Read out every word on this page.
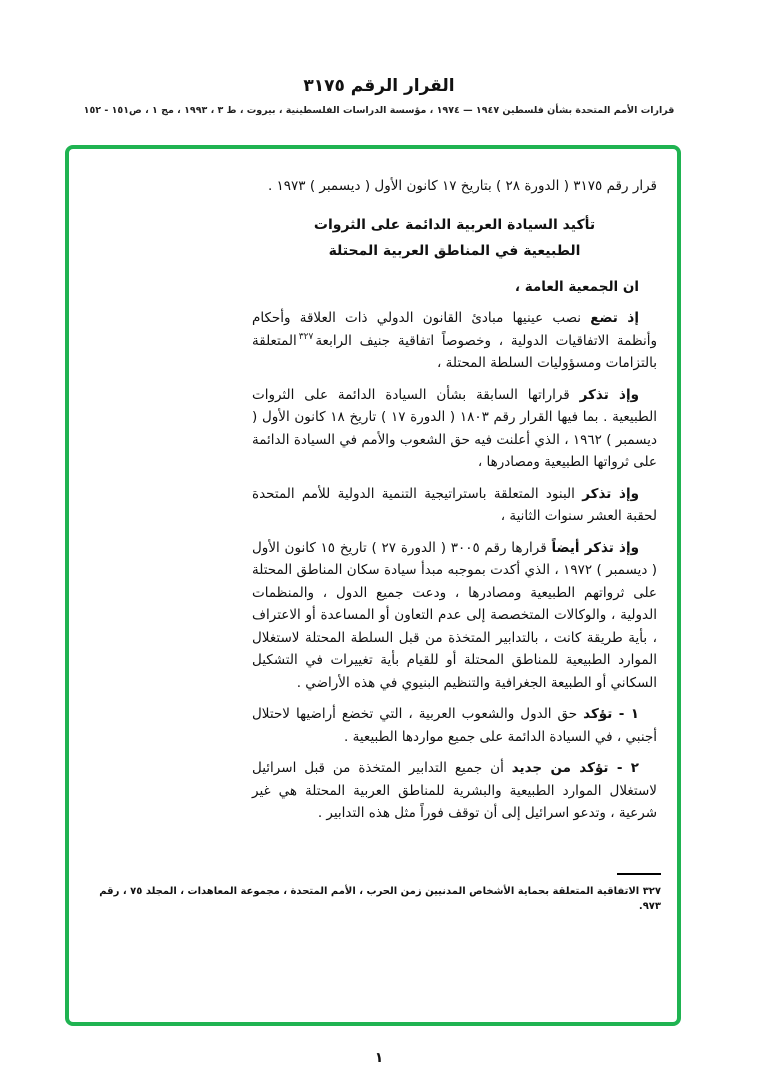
القرار الرقم ٣١٧٥
قرارات الأمم المتحدة بشأن فلسطين ١٩٤٧ — ١٩٧٤ ، مؤسسة الدراسات الفلسطينية ، بيروت ، ط ٣ ، ١٩٩٣ ، مج ١ ، ص١٥١ - ١٥٢

قرار رقم ٣١٧٥ ( الدورة ٢٨ ) بتاريخ ١٧ كانون الأول ( ديسمبر ) ١٩٧٣ .

تأكيد السيادة العربية الدائمة على الثروات
الطبيعية في المناطق العربية المحتلة

ان الجمعية العامة ،

إذ تضع نصب عينيها مبادئ القانون الدولي ذات العلاقة وأحكام وأنظمة الاتفاقيات الدولية ، وخصوصاً اتفاقية جنيف الرابعة$^{٣٢٧}$المتعلقة بالتزامات ومسؤوليات السلطة المحتلة ،

وإذ تذكر قراراتها السابقة بشأن السيادة الدائمة على الثروات الطبيعية . بما فيها القرار رقم ١٨٠٣ ( الدورة ١٧ ) تاريخ ١٨ كانون الأول ( ديسمبر ) ١٩٦٢ ، الذي أعلنت فيه حق الشعوب والأمم في السيادة الدائمة على ثرواتها الطبيعية ومصادرها ،

وإذ تذكر البنود المتعلقة باستراتيجية التنمية الدولية للأمم المتحدة لحقبة العشر سنوات الثانية ،

وإذ تذكر أيضاً قرارها رقم ٣٠٠٥ ( الدورة ٢٧ ) تاريخ ١٥ كانون الأول ( ديسمبر ) ١٩٧٢ ، الذي أكدت بموجبه مبدأ سيادة سكان المناطق المحتلة على ثرواتهم الطبيعية ومصادرها ، ودعت جميع الدول ، والمنظمات الدولية ، والوكالات المتخصصة إلى عدم التعاون أو المساعدة أو الاعتراف ، بأية طريقة كانت ، بالتدابير المتخذة من قبل السلطة المحتلة لاستغلال الموارد الطبيعية للمناطق المحتلة أو للقيام بأية تغييرات في التشكيل السكاني أو الطبيعة الجغرافية والتنظيم البنيوي في هذه الأراضي .

١ - تؤكد حق الدول والشعوب العربية ، التي تخضع أراضيها لاحتلال أجنبي ، في السيادة الدائمة على جميع مواردها الطبيعية .

٢ - تؤكد من جديد أن جميع التدابير المتخذة من قبل اسرائيل لاستغلال الموارد الطبيعية والبشرية للمناطق العربية المحتلة هي غير شرعية ، وتدعو اسرائيل إلى أن توقف فوراً مثل هذه التدابير .

٣٢٧ الاتفاقية المتعلقة بحماية الأشخاص المدنيين زمن الحرب ، الأمم المتحدة ، مجموعة المعاهدات ، المجلد ٧٥ ، رقم ٩٧٣.

١
